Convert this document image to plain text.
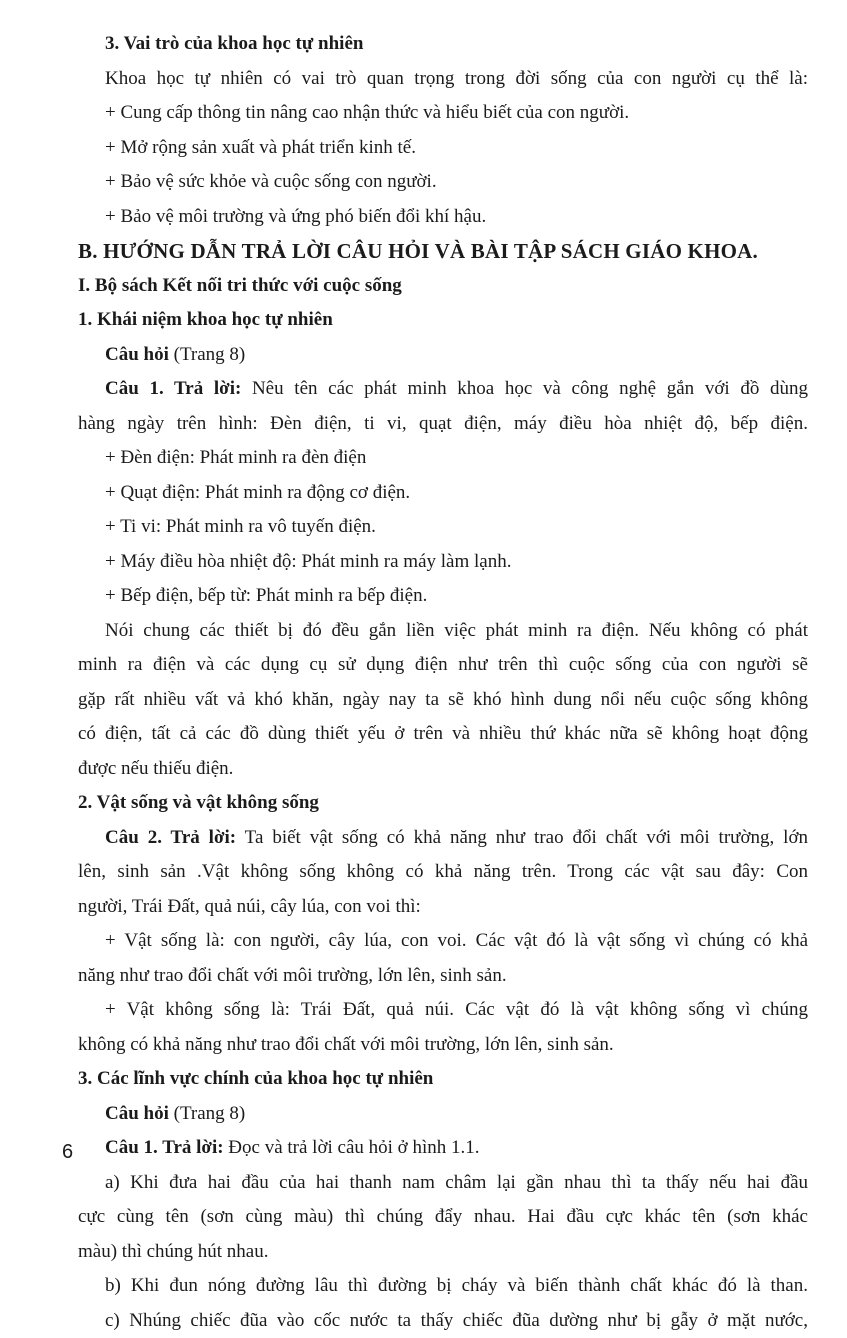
3. Vai trò của khoa học tự nhiên
Khoa học tự nhiên có vai trò quan trọng trong đời sống của con người cụ thể là:
+ Cung cấp thông tin nâng cao nhận thức và hiểu biết của con người.
+ Mở rộng sản xuất và phát triển kinh tế.
+ Bảo vệ sức khỏe và cuộc sống con người.
+ Bảo vệ môi trường và ứng phó biến đổi khí hậu.
B. HƯỚNG DẪN TRẢ LỜI CÂU HỎI VÀ BÀI TẬP SÁCH GIÁO KHOA.
I. Bộ sách Kết nối tri thức với cuộc sống
1. Khái niệm khoa học tự nhiên
Câu hỏi (Trang 8)
Câu 1. Trả lời: Nêu tên các phát minh khoa học và công nghệ gắn với đồ dùng
hàng ngày trên hình: Đèn điện, ti vi, quạt điện, máy điều hòa nhiệt độ, bếp điện.
+ Đèn điện: Phát minh ra đèn điện
+ Quạt điện: Phát minh ra động cơ điện.
+ Ti vi: Phát minh ra vô tuyến điện.
+ Máy điều hòa nhiệt độ: Phát minh ra máy làm lạnh.
+ Bếp điện, bếp từ: Phát minh ra bếp điện.
Nói chung các thiết bị đó đều gắn liền việc phát minh ra điện. Nếu không có phát
minh ra điện và các dụng cụ sử dụng điện như trên thì cuộc sống của con người sẽ
gặp rất nhiều vất vả khó khăn, ngày nay ta sẽ khó hình dung nổi nếu cuộc sống không
có điện, tất cả các đồ dùng thiết yếu ở trên và nhiều thứ khác nữa sẽ không hoạt động
được nếu thiếu điện.
2. Vật sống và vật không sống
Câu 2. Trả lời: Ta biết vật sống có khả năng như trao đổi chất với môi trường, lớn
lên, sinh sản .Vật không sống không có khả năng trên. Trong các vật sau đây: Con
người, Trái Đất, quả núi, cây lúa, con voi thì:
+ Vật sống là: con người, cây lúa, con voi. Các vật đó là vật sống vì chúng có khả
năng như trao đổi chất với môi trường, lớn lên, sinh sản.
+ Vật không sống là: Trái Đất, quả núi. Các vật đó là vật không sống vì chúng
không có khả năng như trao đổi chất với môi trường, lớn lên, sinh sản.
3. Các lĩnh vực chính của khoa học tự nhiên
Câu hỏi (Trang 8)
Câu 1. Trả lời: Đọc và trả lời câu hỏi ở hình 1.1.
a) Khi đưa hai đầu của hai thanh nam châm lại gần nhau thì ta thấy nếu hai đầu
cực cùng tên (sơn cùng màu) thì chúng đẩy nhau. Hai đầu cực khác tên (sơn khác
màu) thì chúng hút nhau.
b) Khi đun nóng đường lâu thì đường bị cháy và biến thành chất khác đó là than.
c) Nhúng chiếc đũa vào cốc nước ta thấy chiếc đũa dường như bị gẫy ở mặt nước,
6
